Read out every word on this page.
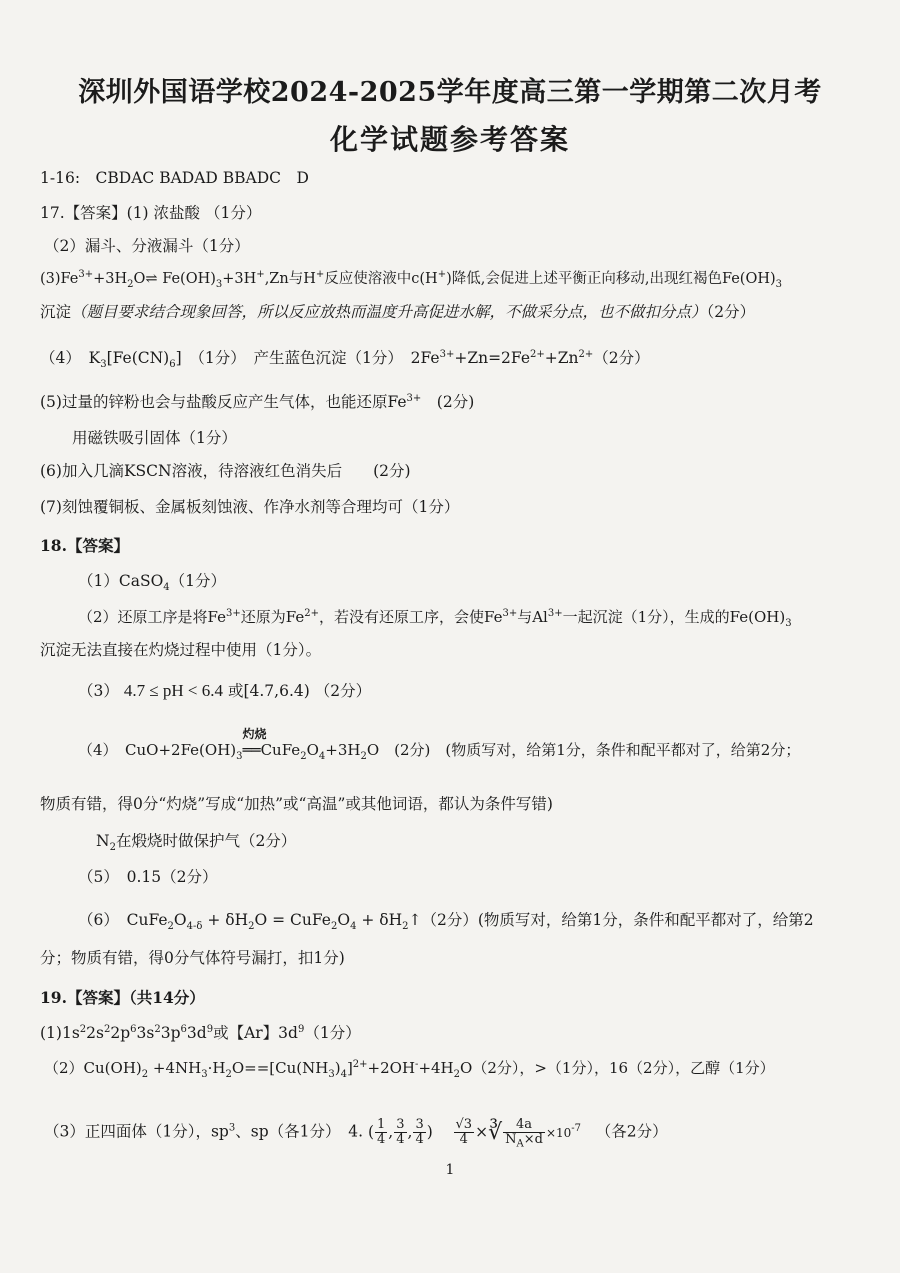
深圳外国语学校2024-2025学年度高三第一学期第二次月考
化学试题参考答案
1-16:　CBDAC BADAD BBADC　D
17.【答案】(1) 浓盐酸 （1分）
（2）漏斗、分液漏斗（1分）
$(3)Fe^{3+}+3H_2O\rightleftharpoons$ $Fe(OH)_3+3H^+,Zn$与H+反应使溶液中c(H+)降低,会促进上述平衡正向移动,出现红褐色$Fe(OH)_3$
沉淀（题目要求结合现象回答，所以反应放热而温度升高促进水解，不做采分点，也不做扣分点）（2分）
（4）　$K_3[Fe(CN)_6]$　（1分）　产生蓝色沉淀（1分）　$2Fe^{3+}+Zn=2Fe^{2+}+Zn^{2+}(2$分）
(5)过量的锌粉也会与盐酸反应产生气体，也能还原$Fe^{3+}$　(2分)
用磁铁吸引固体（1分）
(6)加入几滴KSCN溶液，待溶液红色消失后　　(2分)
(7)刻蚀覆铜板、金属板刻蚀液、作净水剂等合理均可（1分）
18.【答案】
（1）CaSO$_4$（1分）
（2）还原工序是将$Fe^{3+}$还原为$Fe^{2+}$，若没有还原工序，会使$Fe^{3+}$与$Al^{3+}$一起沉淀（1分），生成的$Fe(OH)_3$
沉淀无法直接在灼烧过程中使用（1分）。
（3） 4.7 ≤ pH < 6.4 或[4.7,6.4) （2分）
（4）　$CuO+2Fe(OH)_3$
灼烧
$══CuFe_2O_4+3H_2O$　(2分)　(物质写对，给第1分，条件和配平都对了，给第2分；
物质有错，得0分“灼烧”写成“加热”或“高温”或其他词语，都认为条件写错)
$N_2$在煅烧时做保护气（2分）
（5）　0.15（2分）
（6）　$CuFe_2O_{4-\delta} + \delta H_2O$ = $CuFe_2O_4$ + $\delta H_2↑(2$分）(物质写对，给第1分，条件和配平都对了，给第2
分；物质有错，得0分气体符号漏打，扣1分)
19.【答案】（共14分）
$(1)1s^22s^22p^63s^23p^63d^9$或【Ar】$3d^9(1$分）
$(2)Cu(OH)_2 +4NH_3\cdot H_2O==[Cu(NH_3)_4]^{2+}+2OH^-+4H_2O(2$分），>（1分），16（2分），乙醇（1分）
（3）正四面体（1分），$sp^3$、sp（各1分）　4. ( $\frac{1}{4}$ , $\frac{3}{4}$ , $\frac{3}{4}$ ) $\frac{√3}{4}$ ×∛ $\frac{4a}{N_A\times d} \times 10^{-7}$ （各2分）
1
